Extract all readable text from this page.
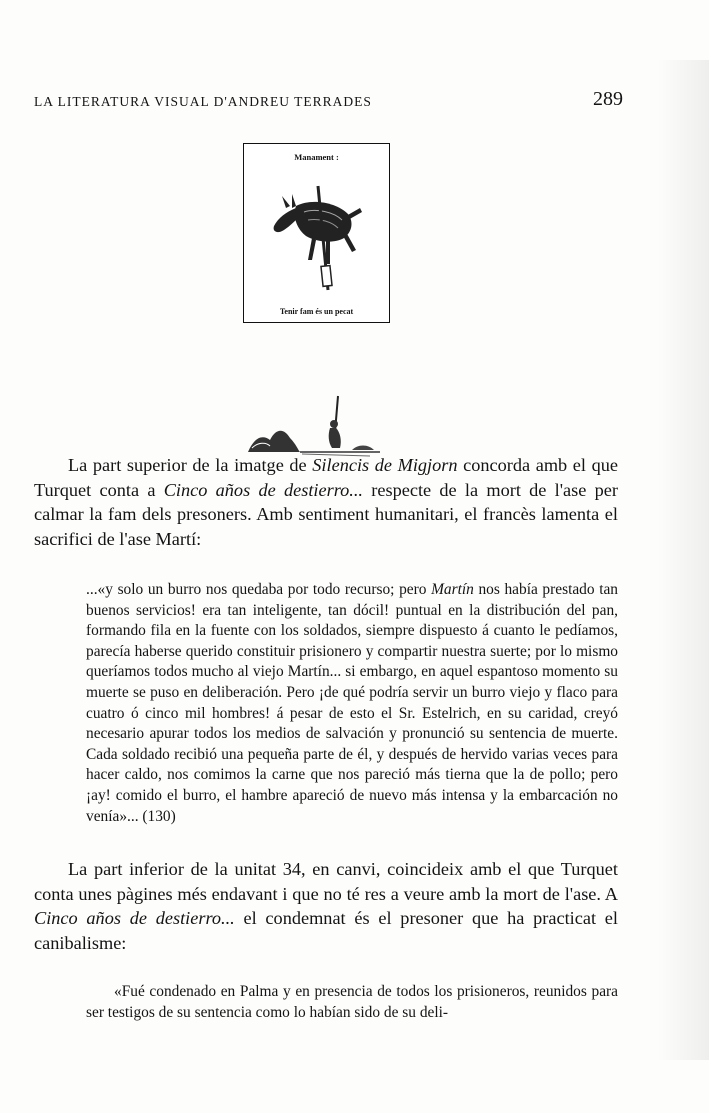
LA LITERATURA VISUAL D'ANDREU TERRADES	289
Manament :
Tenir fam és un pecat

La part superior de la imatge de Silencis de Migjorn concorda amb el que Turquet conta a Cinco años de destierro... respecte de la mort de l'ase per calmar la fam dels presoners. Amb sentiment humanitari, el francès lamenta el sacrifici de l'ase Martí:

...«y solo un burro nos quedaba por todo recurso; pero Martín nos había prestado tan buenos servicios! era tan inteligente, tan dócil! puntual en la distribución del pan, formando fila en la fuente con los soldados, siempre dispuesto á cuanto le pedíamos, parecía haberse querido constituir prisionero y compartir nuestra suerte; por lo mismo queríamos todos mucho al viejo Martín... si embargo, en aquel espantoso momento su muerte se puso en deliberación. Pero ¡de qué podría servir un burro viejo y flaco para cuatro ó cinco mil hombres! á pesar de esto el Sr. Estelrich, en su caridad, creyó necesario apurar todos los medios de salvación y pronunció su sentencia de muerte. Cada soldado recibió una pequeña parte de él, y después de hervido varias veces para hacer caldo, nos comimos la carne que nos pareció más tierna que la de pollo; pero ¡ay! comido el burro, el hambre apareció de nuevo más intensa y la embarcación no venía»... (130)

La part inferior de la unitat 34, en canvi, coincideix amb el que Turquet conta unes pàgines més endavant i que no té res a veure amb la mort de l'ase. A Cinco años de destierro... el condemnat és el presoner que ha practicat el canibalisme:

«Fué condenado en Palma y en presencia de todos los prisioneros, reunidos para ser testigos de su sentencia como lo habían sido de su deli-
